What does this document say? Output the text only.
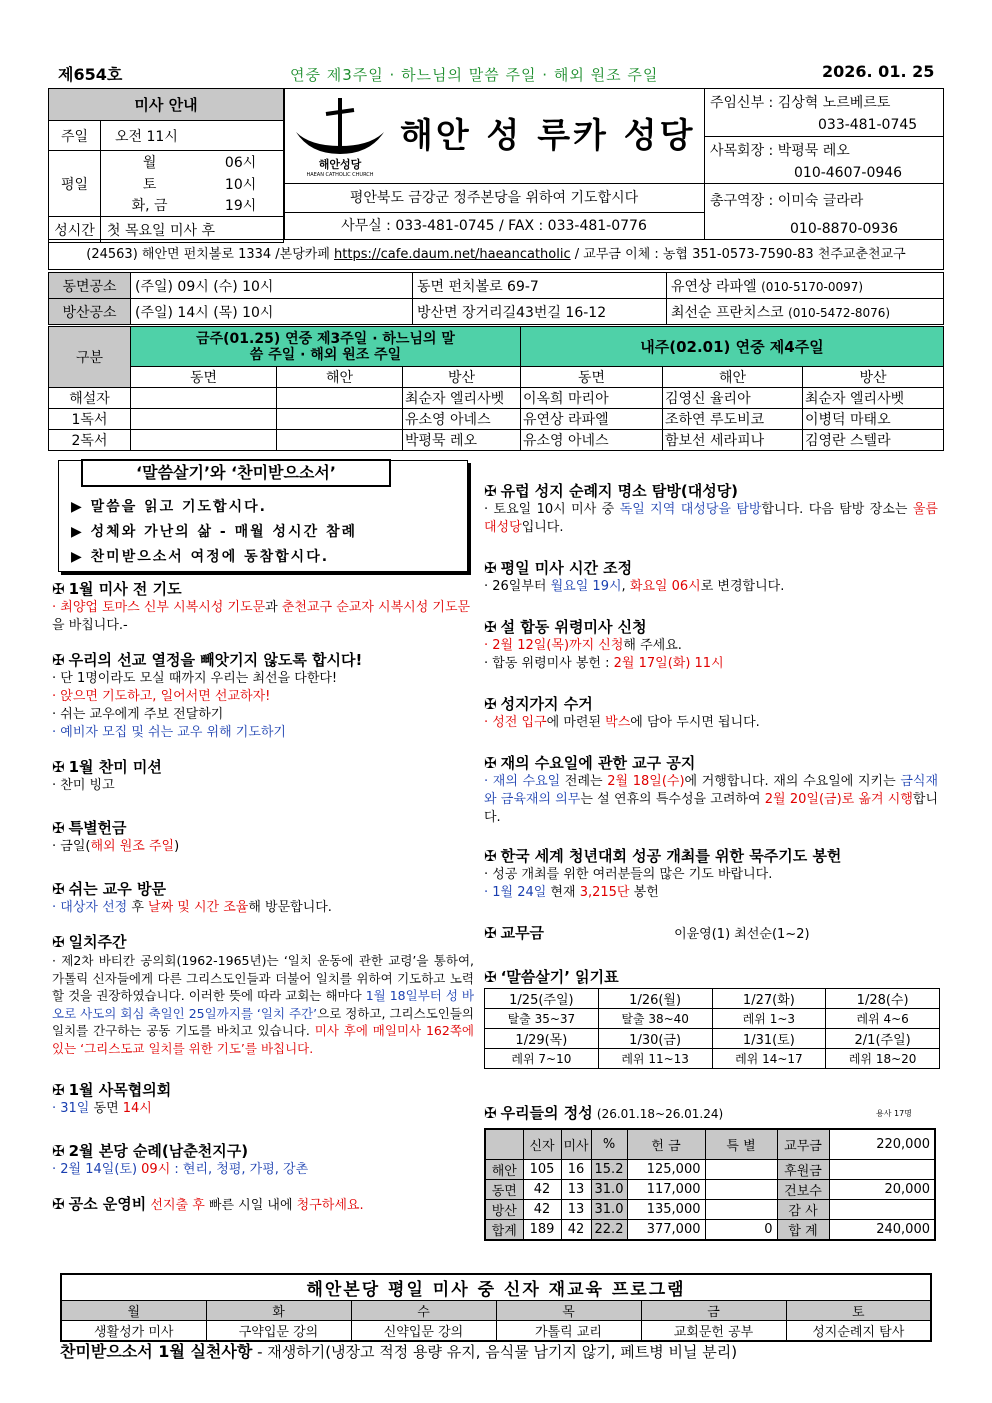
제654호	연중 제3주일 · 하느님의 말씀 주일 · 해외 원조 주일	2026. 01. 25
미사 안내		
주일	오전 11시	
평일	월	06시
	토	10시
	화, 금	19시
성시간	첫 목요일 미사 후	
해안성당
HAEAN CATHOLIC CHURCH
해안 성 루카 성당
평안북도 금강군 정주본당을 위하여 기도합시다
사무실 : 033-481-0745 / FAX : 033-481-0776
주임신부 : 김상혁 노르베르토
033-481-0745
사목회장 : 박평묵 레오
010-4607-0946
총구역장 : 이미숙 글라라
010-8870-0936
(24563) 해안면 펀치볼로 1334 /본당카페 https://cafe.daum.net/haeancatholic / 교무금 이체 : 농협 351-0573-7590-83 천주교춘천교구
동면공소	(주일) 09시 (수) 10시	동면 펀치볼로 69-7	유연상 라파엘 (010-5170-0097)
방산공소	(주일) 14시 (목) 10시	방산면 장거리길43번길 16-12	최선순 프란치스코 (010-5472-8076)
구분	금주(01.25) 연중 제3주일 · 하느님의 말씀 주일 · 해외 원조 주일			내주(02.01) 연중 제4주일		
	동면	해안	방산	동면	해안	방산
해설자			최순자 엘리사벳	이옥희 마리아	김영신 율리아	최순자 엘리사벳
1독서			유소영 아네스	유연상 라파엘	조하연 루도비코	이병덕 마태오
2독서			박평묵 레오	유소영 아네스	함보선 세라피나	김영란 스텔라
‘말씀살기’와 ‘찬미받으소서’
▶ 말씀을 읽고 기도합시다.
▶ 성체와 가난의 삶 - 매월 성시간 참례
▶ 찬미받으소서 여정에 동참합시다.
✠ 1월 미사 전 기도
· 최양업 토마스 신부 시복시성 기도문과 춘천교구 순교자 시복시성 기도문을 바칩니다.-
✠ 우리의 선교 열정을 빼앗기지 않도록 합시다!
· 단 1명이라도 모실 때까지 우리는 최선을 다한다!
· 앉으면 기도하고, 일어서면 선교하자!
· 쉬는 교우에게 주보 전달하기
· 예비자 모집 및 쉬는 교우 위해 기도하기
✠ 1월 찬미 미션
· 찬미 빙고
✠ 특별헌금
· 금일(해외 원조 주일)
✠ 쉬는 교우 방문
· 대상자 선정 후 날짜 및 시간 조율해 방문합니다.
✠ 일치주간
· 제2차 바티칸 공의회(1962-1965년)는 ‘일치 운동에 관한 교령’을 통하여, 가톨릭 신자들에게 다른 그리스도인들과 더불어 일치를 위하여 기도하고 노력할 것을 권장하였습니다. 이러한 뜻에 따라 교회는 해마다 1월 18일부터 성 바오로 사도의 회심 축일인 25일까지를 ‘일치 주간’으로 정하고, 그리스도인들의 일치를 간구하는 공동 기도를 바치고 있습니다. 미사 후에 매일미사 162쪽에 있는 ‘그리스도교 일치를 위한 기도’를 바칩니다.
✠ 1월 사목협의회
· 31일 동면 14시
✠ 2월 본당 순례(남춘천지구)
· 2월 14일(토) 09시 : 현리, 청평, 가평, 강촌
✠ 공소 운영비 선지출 후 빠른 시일 내에 청구하세요.
✠ 유럽 성지 순례지 명소 탐방(대성당)
· 토요일 10시 미사 중 독일 지역 대성당을 탐방합니다. 다음 탐방 장소는 울름 대성당입니다.
✠ 평일 미사 시간 조정
· 26일부터 월요일 19시, 화요일 06시로 변경합니다.
✠ 설 합동 위령미사 신청
· 2월 12일(목)까지 신청해 주세요.
· 합동 위령미사 봉헌 : 2월 17일(화) 11시
✠ 성지가지 수거
· 성전 입구에 마련된 박스에 담아 두시면 됩니다.
✠ 재의 수요일에 관한 교구 공지
· 재의 수요일 전례는 2월 18일(수)에 거행합니다. 재의 수요일에 지키는 금식재와 금육재의 의무는 설 연휴의 특수성을 고려하여 2월 20일(금)로 옮겨 시행합니다.
✠ 한국 세계 청년대회 성공 개최를 위한 묵주기도 봉헌
· 성공 개최를 위한 여러분들의 많은 기도 바랍니다.
· 1월 24일 현재 3,215단 봉헌
✠ 교무금	이윤영(1) 최선순(1~2)
✠ ‘말씀살기’ 읽기표
1/25(주일)	1/26(월)	1/27(화)	1/28(수)
탈출 35~37	탈출 38~40	레위 1~3	레위 4~6
1/29(목)	1/30(금)	1/31(토)	2/1(주일)
레위 7~10	레위 11~13	레위 14~17	레위 18~20
✠ 우리들의 정성 (26.01.18~26.01.24)	용사 17명
	신자	미사	%	헌 금	특 별	교무금	220,000
해안	105	16	15.2	125,000		후원금	
동면	42	13	31.0	117,000		건보수	20,000
방산	42	13	31.0	135,000		감 사	
합계	189	42	22.2	377,000	0	합 계	240,000
해안본당 평일 미사 중 신자 재교육 프로그램					
월	화	수	목	금	토
생활성가 미사	구약입문 강의	신약입문 강의	가톨릭 교리	교회문헌 공부	성지순례지 탐사
찬미받으소서 1월 실천사항 - 재생하기(냉장고 적정 용량 유지, 음식물 남기지 않기, 페트병 비닐 분리)
